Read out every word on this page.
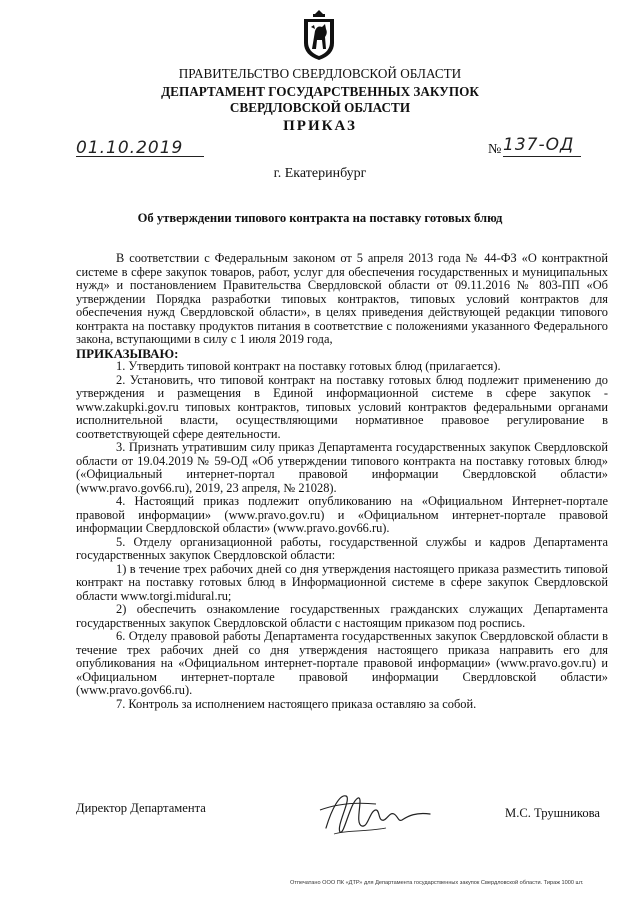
ПРАВИТЕЛЬСТВО СВЕРДЛОВСКОЙ ОБЛАСТИ
ДЕПАРТАМЕНТ ГОСУДАРСТВЕННЫХ ЗАКУПОК
СВЕРДЛОВСКОЙ ОБЛАСТИ
ПРИКАЗ
01.10.2019	№ 137-ОД
г. Екатеринбург
Об утверждении типового контракта на поставку готовых блюд

В соответствии с Федеральным законом от 5 апреля 2013 года № 44-ФЗ «О контрактной системе в сфере закупок товаров, работ, услуг для обеспечения государственных и муниципальных нужд» и постановлением Правительства Свердловской области от 09.11.2016 № 803-ПП «Об утверждении Порядка разработки типовых контрактов, типовых условий контрактов для обеспечения нужд Свердловской области», в целях приведения действующей редакции типового контракта на поставку продуктов питания в соответствие с положениями указанного Федерального закона, вступающими в силу с 1 июля 2019 года,

ПРИКАЗЫВАЮ:

1. Утвердить типовой контракт на поставку готовых блюд (прилагается).

2. Установить, что типовой контракт на поставку готовых блюд подлежит применению до утверждения и размещения в Единой информационной системе в сфере закупок - www.zakupki.gov.ru типовых контрактов, типовых условий контрактов федеральными органами исполнительной власти, осуществляющими нормативное правовое регулирование в соответствующей сфере деятельности.

3. Признать утратившим силу приказ Департамента государственных закупок Свердловской области от 19.04.2019 № 59-ОД «Об утверждении типового контракта на поставку готовых блюд» («Официальный интернет-портал правовой информации Свердловской области» (www.pravo.gov66.ru), 2019, 23 апреля, № 21028).

4. Настоящий приказ подлежит опубликованию на «Официальном Интернет-портале правовой информации» (www.pravo.gov.ru) и «Официальном интернет-портале правовой информации Свердловской области» (www.pravo.gov66.ru).

5. Отделу организационной работы, государственной службы и кадров Департамента государственных закупок Свердловской области:

1) в течение трех рабочих дней со дня утверждения настоящего приказа разместить типовой контракт на поставку готовых блюд в Информационной системе в сфере закупок Свердловской области www.torgi.midural.ru;

2) обеспечить ознакомление государственных гражданских служащих Департамента государственных закупок Свердловской области с настоящим приказом под роспись.

6. Отделу правовой работы Департамента государственных закупок Свердловской области в течение трех рабочих дней со дня утверждения настоящего приказа направить его для опубликования на «Официальном интернет-портале правовой информации» (www.pravo.gov.ru) и «Официальном интернет-портале правовой информации Свердловской области» (www.pravo.gov66.ru).

7. Контроль за исполнением настоящего приказа оставляю за собой.

Директор Департамента	М.С. Трушникова
Отпечатано ООО ПК «ДТР» для Департамента государственных закупок Свердловской области. Тираж 1000 шт.
